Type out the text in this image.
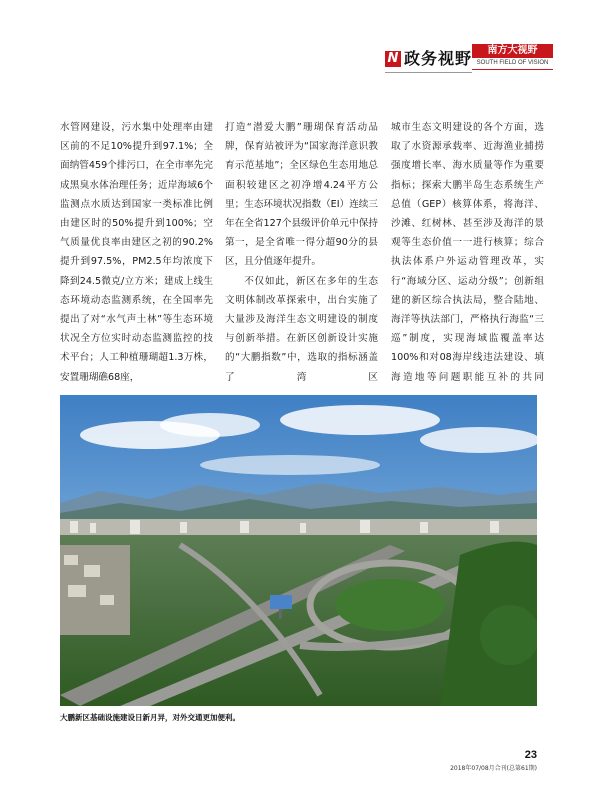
N 政务视野	南方大视野
SOUTH FIELD OF VISION

水管网建设，污水集中处理率由建区前的不足10%提升到97.1%；全面纳管459个排污口，在全市率先完成黑臭水体治理任务；近岸海域6个监测点水质达到国家一类标准比例由建区时的50%提升到100%；空气质量优良率由建区之初的90.2%提升到97.5%，PM2.5年均浓度下降到24.5微克/立方米；建成上线生态环境动态监测系统，在全国率先提出了对“水气声土林”等生态环境状况全方位实时动态监测监控的技术平台；人工种植珊瑚超1.3万株，安置珊瑚礁68座，

打造“潜爱大鹏”珊瑚保育活动品牌，保育站被评为“国家海洋意识教育示范基地”；全区绿色生态用地总面积较建区之初净增4.24平方公里；生态环境状况指数（EI）连续三年在全省127个县级评价单元中保持第一，是全省唯一得分超90分的县区，且分值逐年提升。

不仅如此，新区在多年的生态文明体制改革探索中，出台实施了大量涉及海洋生态文明建设的制度与创新举措。在新区创新设计实施的“大鹏指数”中，选取的指标涵盖了湾区

城市生态文明建设的各个方面，选取了水资源承载率、近海渔业捕捞强度增长率、海水质量等作为重要指标；探索大鹏半岛生态系统生产总值（GEP）核算体系，将海洋、沙滩、红树林、甚至涉及海洋的景观等生态价值一一进行核算；综合执法体系户外运动管理改革，实行“海域分区、运动分级”；创新组建的新区综合执法局，整合陆地、海洋等执法部门，严格执行海监“三巡”制度，实现海域监覆盖率达100%和对08海岸线违法建设、填海造地等问题职能互补的共同

大鹏新区基础设施建设日新月异，对外交通更加便利。
23
2018年07/08月合刊(总第61期)
